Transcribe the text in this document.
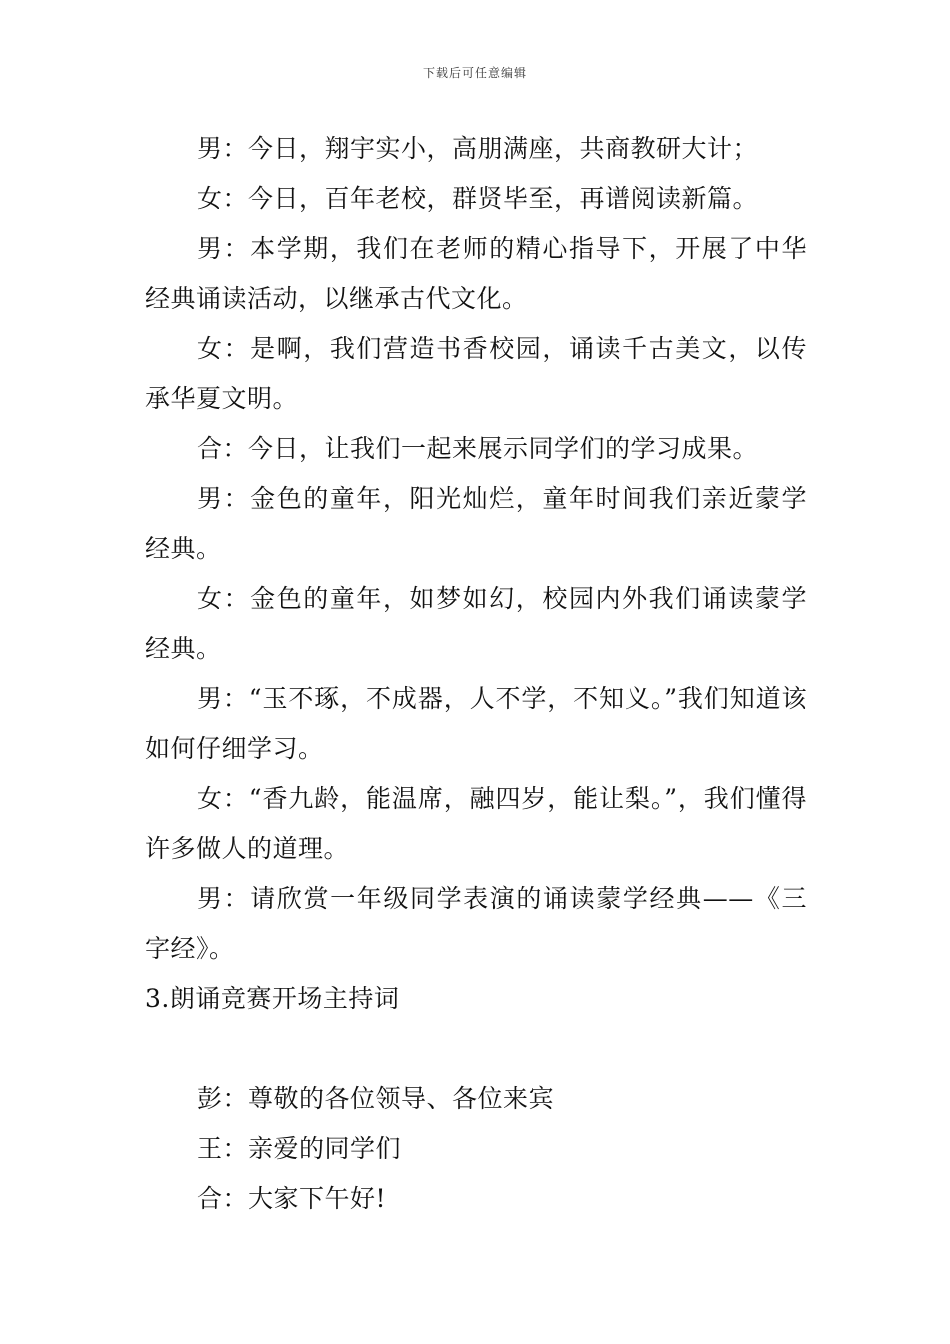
下载后可任意编辑

男：今日，翔宇实小，高朋满座，共商教研大计；

女：今日，百年老校，群贤毕至，再谱阅读新篇。

男：本学期，我们在老师的精心指导下，开展了中华经典诵读活动，以继承古代文化。

女：是啊，我们营造书香校园，诵读千古美文，以传承华夏文明。

合：今日，让我们一起来展示同学们的学习成果。

男：金色的童年，阳光灿烂，童年时间我们亲近蒙学经典。

女：金色的童年，如梦如幻，校园内外我们诵读蒙学经典。

男：“玉不琢，不成器，人不学，不知义。”我们知道该如何仔细学习。

女：“香九龄，能温席，融四岁，能让梨。”，我们懂得许多做人的道理。

男：请欣赏一年级同学表演的诵读蒙学经典——《三字经》。

3.朗诵竞赛开场主持词

彭：尊敬的各位领导、各位来宾

王：亲爱的同学们

合：大家下午好!
